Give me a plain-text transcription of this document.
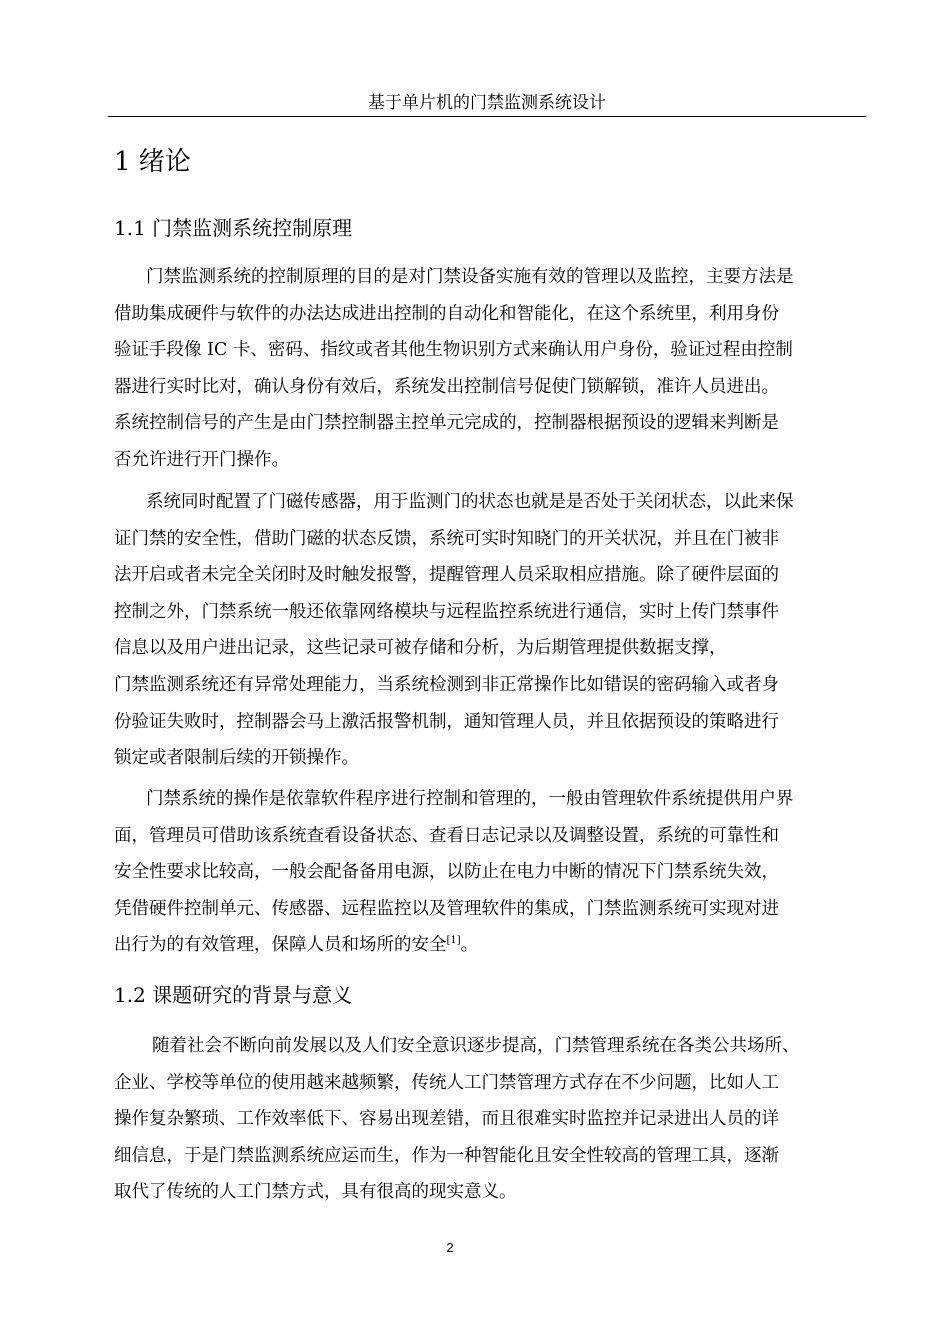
基于单片机的门禁监测系统设计
1 绪论
1.1 门禁监测系统控制原理
门禁监测系统的控制原理的目的是对门禁设备实施有效的管理以及监控，主要方法是
借助集成硬件与软件的办法达成进出控制的自动化和智能化，在这个系统里，利用身份
验证手段像 IC 卡、密码、指纹或者其他生物识别方式来确认用户身份，验证过程由控制
器进行实时比对，确认身份有效后，系统发出控制信号促使门锁解锁，准许人员进出。
系统控制信号的产生是由门禁控制器主控单元完成的，控制器根据预设的逻辑来判断是
否允许进行开门操作。
系统同时配置了门磁传感器，用于监测门的状态也就是是否处于关闭状态，以此来保
证门禁的安全性，借助门磁的状态反馈，系统可实时知晓门的开关状况，并且在门被非
法开启或者未完全关闭时及时触发报警，提醒管理人员采取相应措施。除了硬件层面的
控制之外，门禁系统一般还依靠网络模块与远程监控系统进行通信，实时上传门禁事件
信息以及用户进出记录，这些记录可被存储和分析，为后期管理提供数据支撑，
门禁监测系统还有异常处理能力，当系统检测到非正常操作比如错误的密码输入或者身
份验证失败时，控制器会马上激活报警机制，通知管理人员，并且依据预设的策略进行
锁定或者限制后续的开锁操作。
门禁系统的操作是依靠软件程序进行控制和管理的，一般由管理软件系统提供用户界
面，管理员可借助该系统查看设备状态、查看日志记录以及调整设置，系统的可靠性和
安全性要求比较高，一般会配备备用电源，以防止在电力中断的情况下门禁系统失效，
凭借硬件控制单元、传感器、远程监控以及管理软件的集成，门禁监测系统可实现对进
出行为的有效管理，保障人员和场所的安全[1]。
1.2 课题研究的背景与意义
随着社会不断向前发展以及人们安全意识逐步提高，门禁管理系统在各类公共场所、
企业、学校等单位的使用越来越频繁，传统人工门禁管理方式存在不少问题，比如人工
操作复杂繁琐、工作效率低下、容易出现差错，而且很难实时监控并记录进出人员的详
细信息，于是门禁监测系统应运而生，作为一种智能化且安全性较高的管理工具，逐渐
取代了传统的人工门禁方式，具有很高的现实意义。
2
